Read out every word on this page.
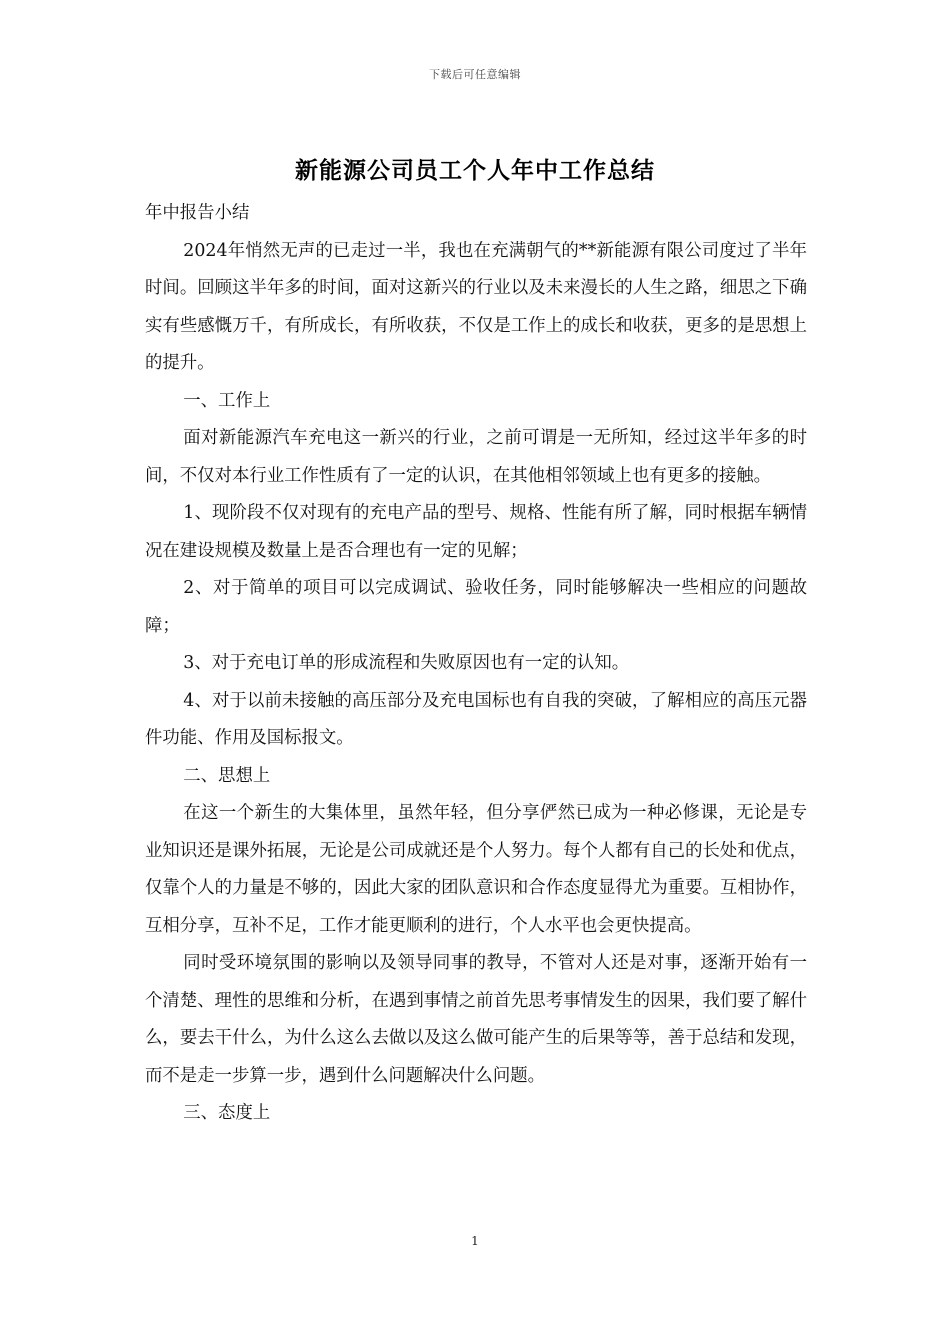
下载后可任意编辑
新能源公司员工个人年中工作总结

年中报告小结

2024年悄然无声的已走过一半，我也在充满朝气的**新能源有限公司度过了半年时间。回顾这半年多的时间，面对这新兴的行业以及未来漫长的人生之路，细思之下确实有些感慨万千，有所成长，有所收获，不仅是工作上的成长和收获，更多的是思想上的提升。

一、工作上

面对新能源汽车充电这一新兴的行业，之前可谓是一无所知，经过这半年多的时间，不仅对本行业工作性质有了一定的认识，在其他相邻领域上也有更多的接触。

1、现阶段不仅对现有的充电产品的型号、规格、性能有所了解，同时根据车辆情况在建设规模及数量上是否合理也有一定的见解；

2、对于简单的项目可以完成调试、验收任务，同时能够解决一些相应的问题故障；

3、对于充电订单的形成流程和失败原因也有一定的认知。

4、对于以前未接触的高压部分及充电国标也有自我的突破，了解相应的高压元器件功能、作用及国标报文。

二、思想上

在这一个新生的大集体里，虽然年轻，但分享俨然已成为一种必修课，无论是专业知识还是课外拓展，无论是公司成就还是个人努力。每个人都有自己的长处和优点，仅靠个人的力量是不够的，因此大家的团队意识和合作态度显得尤为重要。互相协作，互相分享，互补不足，工作才能更顺利的进行，个人水平也会更快提高。

同时受环境氛围的影响以及领导同事的教导，不管对人还是对事，逐渐开始有一个清楚、理性的思维和分析，在遇到事情之前首先思考事情发生的因果，我们要了解什么，要去干什么，为什么这么去做以及这么做可能产生的后果等等，善于总结和发现，而不是走一步算一步，遇到什么问题解决什么问题。

三、态度上

1
